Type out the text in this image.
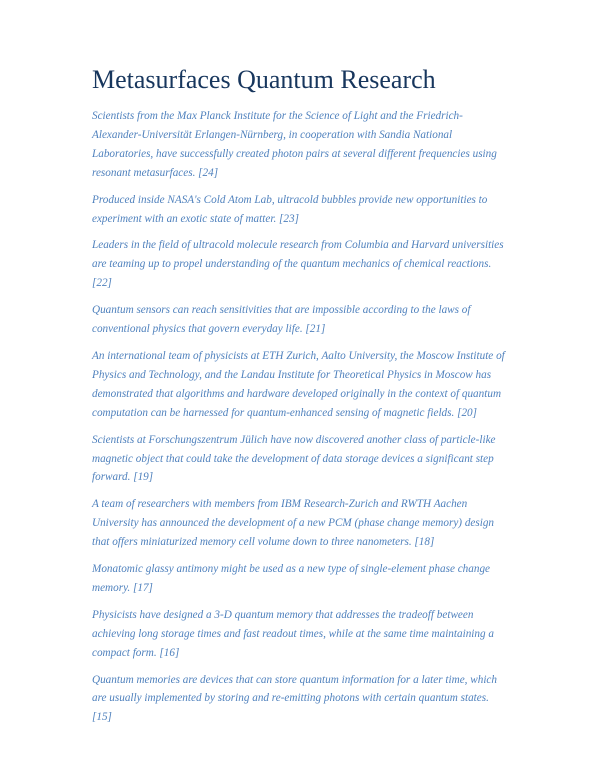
Metasurfaces Quantum Research

Scientists from the Max Planck Institute for the Science of Light and the Friedrich-Alexander-Universität Erlangen-Nürnberg, in cooperation with Sandia National Laboratories, have successfully created photon pairs at several different frequencies using resonant metasurfaces. [24]

Produced inside NASA's Cold Atom Lab, ultracold bubbles provide new opportunities to experiment with an exotic state of matter. [23]

Leaders in the field of ultracold molecule research from Columbia and Harvard universities are teaming up to propel understanding of the quantum mechanics of chemical reactions. [22]

Quantum sensors can reach sensitivities that are impossible according to the laws of conventional physics that govern everyday life. [21]

An international team of physicists at ETH Zurich, Aalto University, the Moscow Institute of Physics and Technology, and the Landau Institute for Theoretical Physics in Moscow has demonstrated that algorithms and hardware developed originally in the context of quantum computation can be harnessed for quantum-enhanced sensing of magnetic fields. [20]

Scientists at Forschungszentrum Jülich have now discovered another class of particle-like magnetic object that could take the development of data storage devices a significant step forward. [19]

A team of researchers with members from IBM Research-Zurich and RWTH Aachen University has announced the development of a new PCM (phase change memory) design that offers miniaturized memory cell volume down to three nanometers. [18]

Monatomic glassy antimony might be used as a new type of single-element phase change memory. [17]

Physicists have designed a 3-D quantum memory that addresses the tradeoff between achieving long storage times and fast readout times, while at the same time maintaining a compact form. [16]

Quantum memories are devices that can store quantum information for a later time, which are usually implemented by storing and re-emitting photons with certain quantum states. [15]
